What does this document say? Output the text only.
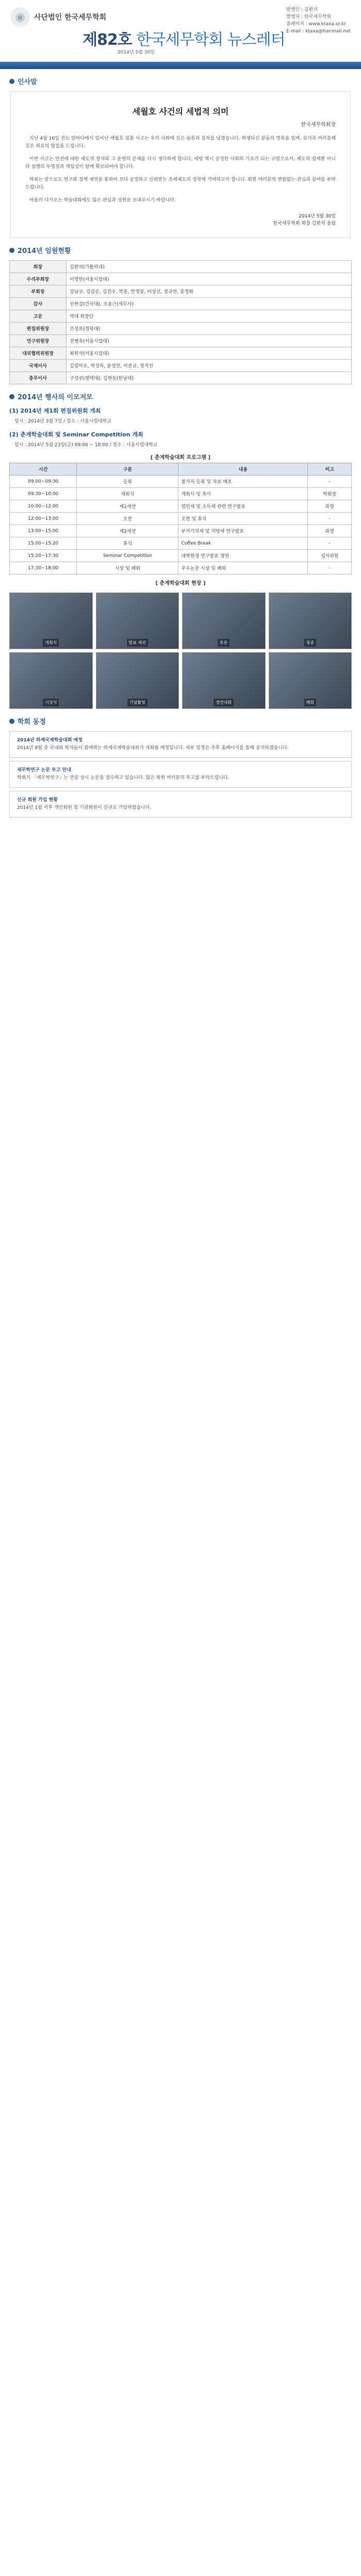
◉	사단법인 한국세무학회
발행인 : 김완석
발행처 : 한국세무학회
홈페이지 : www.ktaxa.or.kr
E-mail : ktaxa@hanmail.net
제82호 한국세무학회 뉴스레터
2014년 5월 30일
인사말
세월호 사건의 세법적 의미
한국세무학회장

지난 4월 16일 진도 앞바다에서 일어난 세월호 침몰 사고는 우리 사회에 깊은 슬픔과 상처를 남겼습니다. 희생되신 분들의 명복을 빌며, 유가족 여러분께 깊은 위로의 말씀을 드립니다.

이번 사고는 안전에 대한 제도적 장치와 그 운영의 문제를 다시 생각하게 합니다. 세법 역시 공정한 사회의 기초가 되는 규범으로서, 제도의 설계뿐 아니라 집행의 투명성과 책임성이 함께 확보되어야 합니다.

학회는 앞으로도 연구와 정책 제언을 통하여 보다 공정하고 신뢰받는 조세제도의 정착에 기여하고자 합니다. 회원 여러분의 변함없는 관심과 참여를 부탁드립니다.

아울러 다가오는 학술대회에도 많은 관심과 성원을 보내주시기 바랍니다.

2014년 5월 30일
한국세무학회 회장 김완석 올림
2014년 임원현황
회장	김완석(가톨릭대)
수석부회장	이영한(서울시립대)
부회장	강남규, 김갑순, 김진수, 박훈, 안경봉, 이상신, 정규언, 홍정화
감사	신현걸(건국대), 조용근(세무사)
고문	역대 회장단
편집위원장	조성표(경북대)
연구위원장	전병욱(서울시립대)
대외협력위원장	최원석(서울시립대)
국제이사	김빛마로, 박성욱, 윤성만, 이준규, 정지선
총무이사	구성권(평택대), 김현동(한남대)
2014년 행사의 이모저모
(1) 2014년 제1회 편집위원회 개최

일시 : 2014년 3월 7일 / 장소 : 서울시립대학교

(2) 춘계학술대회 및 Seminar Competition 개최

일시 : 2014년 5월 23일(금) 09:00 ~ 18:00 / 장소 : 서울시립대학교

[ 춘계학술대회 프로그램 ]
시간	구분	내용	비고
09:00~09:30	등록	참가자 등록 및 자료 배포	-
09:30~10:00	개회식	개회사 및 축사	학회장
10:00~12:00	제1세션	법인세 및 소득세 관련 연구발표	좌장
12:00~13:00	오찬	오찬 및 휴식	-
13:00~15:00	제2세션	부가가치세 및 지방세 연구발표	좌장
15:00~15:20	휴식	Coffee Break	-
15:20~17:30	Seminar Competition	대학원생 연구발표 경연	심사위원
17:30~18:00	시상 및 폐회	우수논문 시상 및 폐회	-
[ 춘계학술대회 현장 ]
개회식	발표 세션	토론	청중
시상식	기념촬영	경연대회	폐회
학회 동정
2014년 하계국제학술대회 예정
2014년 8월 중 국내외 학자들이 참여하는 하계국제학술대회가 개최될 예정입니다. 세부 일정은 추후 홈페이지를 통해 공지하겠습니다.
세무학연구 논문 투고 안내
학회지 「세무학연구」는 연중 상시 논문을 접수하고 있습니다. 많은 회원 여러분의 투고를 부탁드립니다.
신규 회원 가입 현황
2014년 1월 이후 개인회원 및 기관회원이 신규로 가입하였습니다.
